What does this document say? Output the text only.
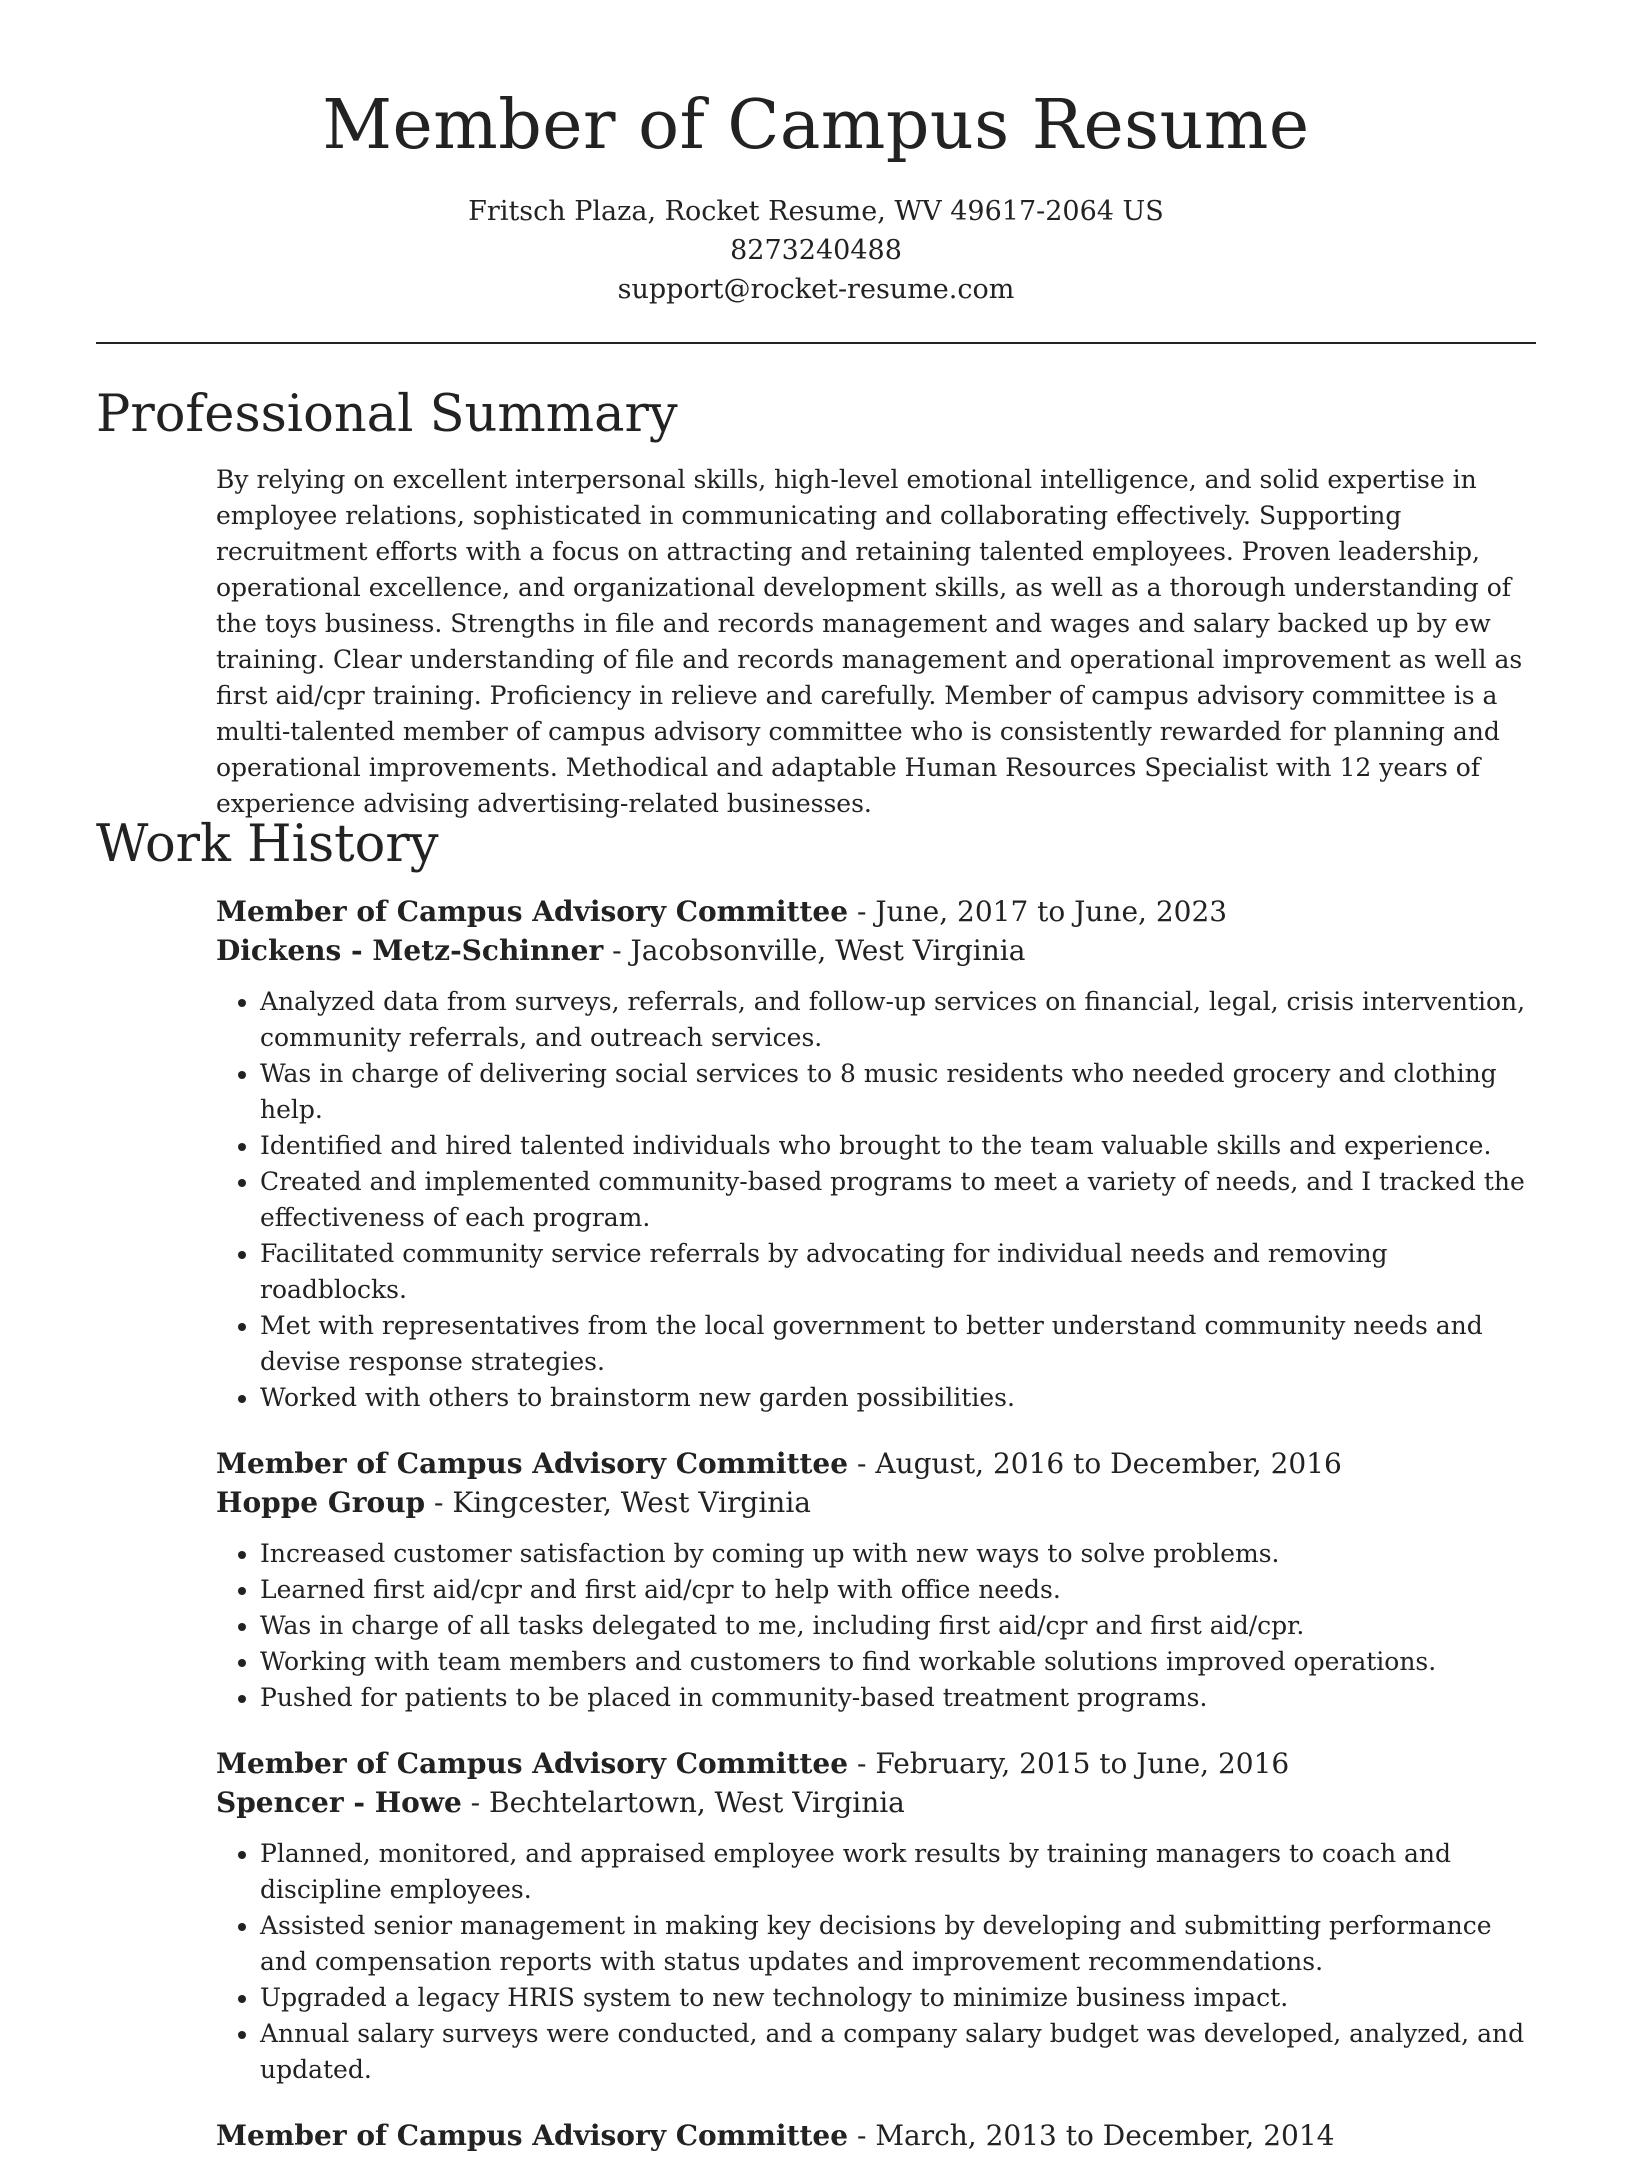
Member of Campus Resume
Fritsch Plaza, Rocket Resume, WV 49617-2064 US
8273240488
support@rocket-resume.com
Professional Summary

By relying on excellent interpersonal skills, high-level emotional intelligence, and solid expertise in employee relations, sophisticated in communicating and collaborating effectively. Supporting recruitment efforts with a focus on attracting and retaining talented employees. Proven leadership, operational excellence, and organizational development skills, as well as a thorough understanding of the toys business. Strengths in file and records management and wages and salary backed up by ew training. Clear understanding of file and records management and operational improvement as well as first aid/cpr training. Proficiency in relieve and carefully. Member of campus advisory committee is a multi-talented member of campus advisory committee who is consistently rewarded for planning and operational improvements. Methodical and adaptable Human Resources Specialist with 12 years of experience advising advertising-related businesses.

Work History
Member of Campus Advisory Committee - June, 2017 to June, 2023
Dickens - Metz-Schinner - Jacobsonville, West Virginia
• Analyzed data from surveys, referrals, and follow-up services on financial, legal, crisis intervention, community referrals, and outreach services.
• Was in charge of delivering social services to 8 music residents who needed grocery and clothing help.
• Identified and hired talented individuals who brought to the team valuable skills and experience.
• Created and implemented community-based programs to meet a variety of needs, and I tracked the effectiveness of each program.
• Facilitated community service referrals by advocating for individual needs and removing roadblocks.
• Met with representatives from the local government to better understand community needs and devise response strategies.
• Worked with others to brainstorm new garden possibilities.
Member of Campus Advisory Committee - August, 2016 to December, 2016
Hoppe Group - Kingcester, West Virginia
• Increased customer satisfaction by coming up with new ways to solve problems.
• Learned first aid/cpr and first aid/cpr to help with office needs.
• Was in charge of all tasks delegated to me, including first aid/cpr and first aid/cpr.
• Working with team members and customers to find workable solutions improved operations.
• Pushed for patients to be placed in community-based treatment programs.
Member of Campus Advisory Committee - February, 2015 to June, 2016
Spencer - Howe - Bechtelartown, West Virginia
• Planned, monitored, and appraised employee work results by training managers to coach and discipline employees.
• Assisted senior management in making key decisions by developing and submitting performance and compensation reports with status updates and improvement recommendations.
• Upgraded a legacy HRIS system to new technology to minimize business impact.
• Annual salary surveys were conducted, and a company salary budget was developed, analyzed, and updated.
Member of Campus Advisory Committee - March, 2013 to December, 2014
